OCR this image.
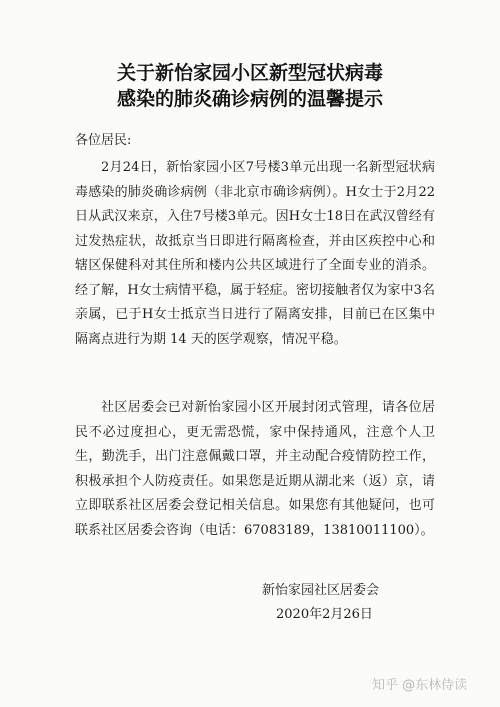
关于新怡家园小区新型冠状病毒
感染的肺炎确诊病例的温馨提示
各位居民:

2月24日，新怡家园小区7号楼3单元出现一名新型冠状病毒感染的肺炎确诊病例（非北京市确诊病例）。H女士于2月22日从武汉来京，入住7号楼3单元。因H女士18日在武汉曾经有过发热症状，故抵京当日即进行隔离检查，并由区疾控中心和辖区保健科对其住所和楼内公共区域进行了全面专业的消杀。经了解，H女士病情平稳，属于轻症。密切接触者仅为家中3名亲属，已于H女士抵京当日进行了隔离安排，目前已在区集中隔离点进行为期 14 天的医学观察，情况平稳。

社区居委会已对新怡家园小区开展封闭式管理，请各位居民不必过度担心，更无需恐慌，家中保持通风，注意个人卫生，勤洗手，出门注意佩戴口罩，并主动配合疫情防控工作，积极承担个人防疫责任。如果您是近期从湖北来（返）京，请立即联系社区居委会登记相关信息。如果您有其他疑问，也可联系社区居委会咨询（电话：67083189，13810011100）。

新怡家园社区居委会
2020年2月26日
知乎 @东林侍读
